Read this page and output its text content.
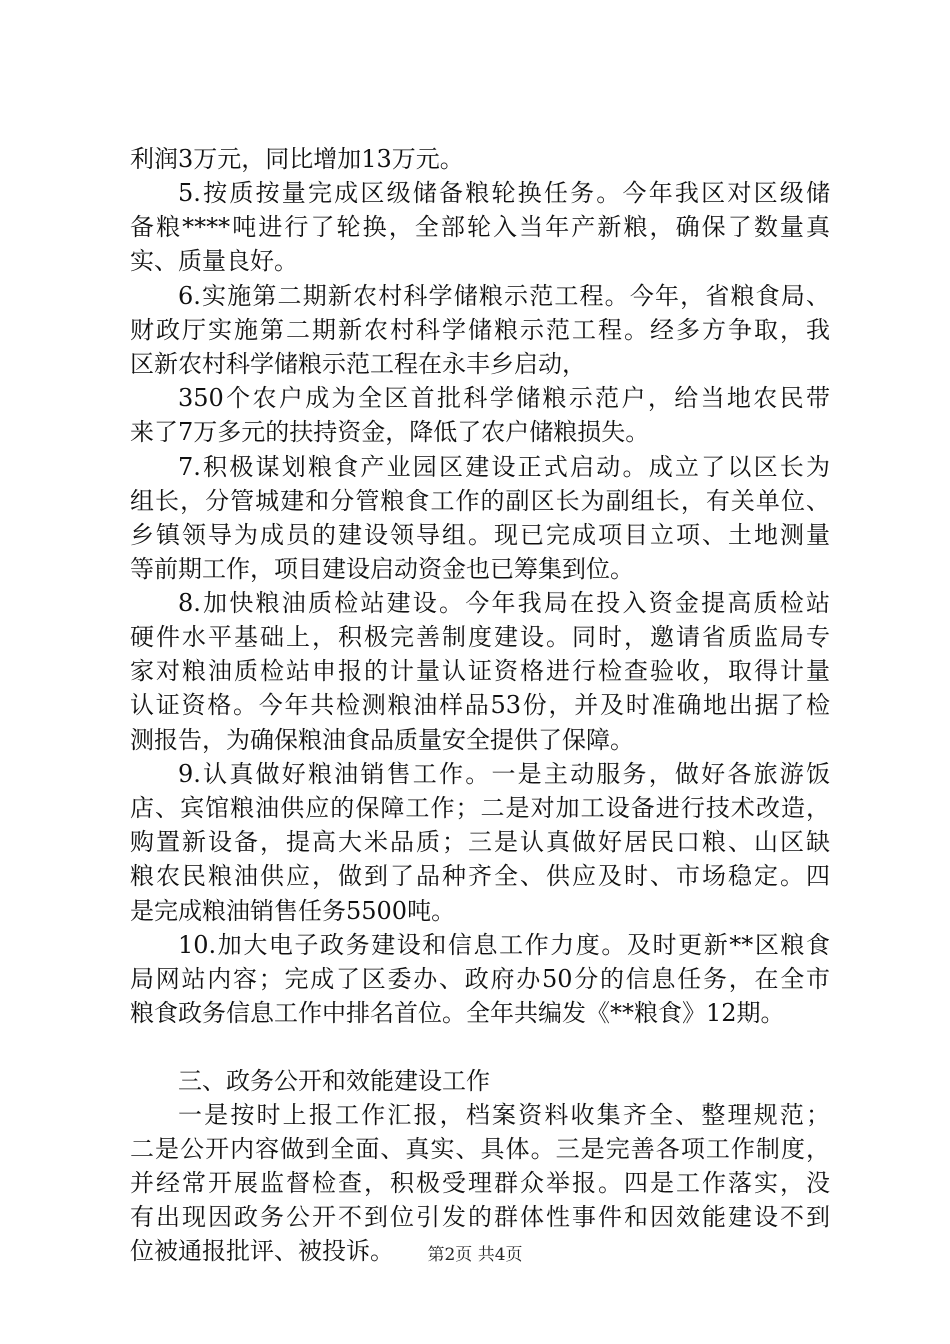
利润3万元，同比增加13万元。
5.按质按量完成区级储备粮轮换任务。今年我区对区级储
备粮****吨进行了轮换，全部轮入当年产新粮，确保了数量真
实、质量良好。
6.实施第二期新农村科学储粮示范工程。今年，省粮食局、
财政厅实施第二期新农村科学储粮示范工程。经多方争取，我
区新农村科学储粮示范工程在永丰乡启动，
350个农户成为全区首批科学储粮示范户，给当地农民带
来了7万多元的扶持资金，降低了农户储粮损失。
7.积极谋划粮食产业园区建设正式启动。成立了以区长为
组长，分管城建和分管粮食工作的副区长为副组长，有关单位、
乡镇领导为成员的建设领导组。现已完成项目立项、土地测量
等前期工作，项目建设启动资金也已筹集到位。
8.加快粮油质检站建设。今年我局在投入资金提高质检站
硬件水平基础上，积极完善制度建设。同时，邀请省质监局专
家对粮油质检站申报的计量认证资格进行检查验收，取得计量
认证资格。今年共检测粮油样品53份，并及时准确地出据了检
测报告，为确保粮油食品质量安全提供了保障。
9.认真做好粮油销售工作。一是主动服务，做好各旅游饭
店、宾馆粮油供应的保障工作；二是对加工设备进行技术改造，
购置新设备，提高大米品质；三是认真做好居民口粮、山区缺
粮农民粮油供应，做到了品种齐全、供应及时、市场稳定。四
是完成粮油销售任务5500吨。
10.加大电子政务建设和信息工作力度。及时更新**区粮食
局网站内容；完成了区委办、政府办50分的信息任务，在全市
粮食政务信息工作中排名首位。全年共编发《**粮食》12期。
三、政务公开和效能建设工作
一是按时上报工作汇报，档案资料收集齐全、整理规范；
二是公开内容做到全面、真实、具体。三是完善各项工作制度，
并经常开展监督检查，积极受理群众举报。四是工作落实，没
位被通报批评、被投诉。
有出现因政务公开不到位引发的群体性事件和因效能建设不到
第2页 共4页
